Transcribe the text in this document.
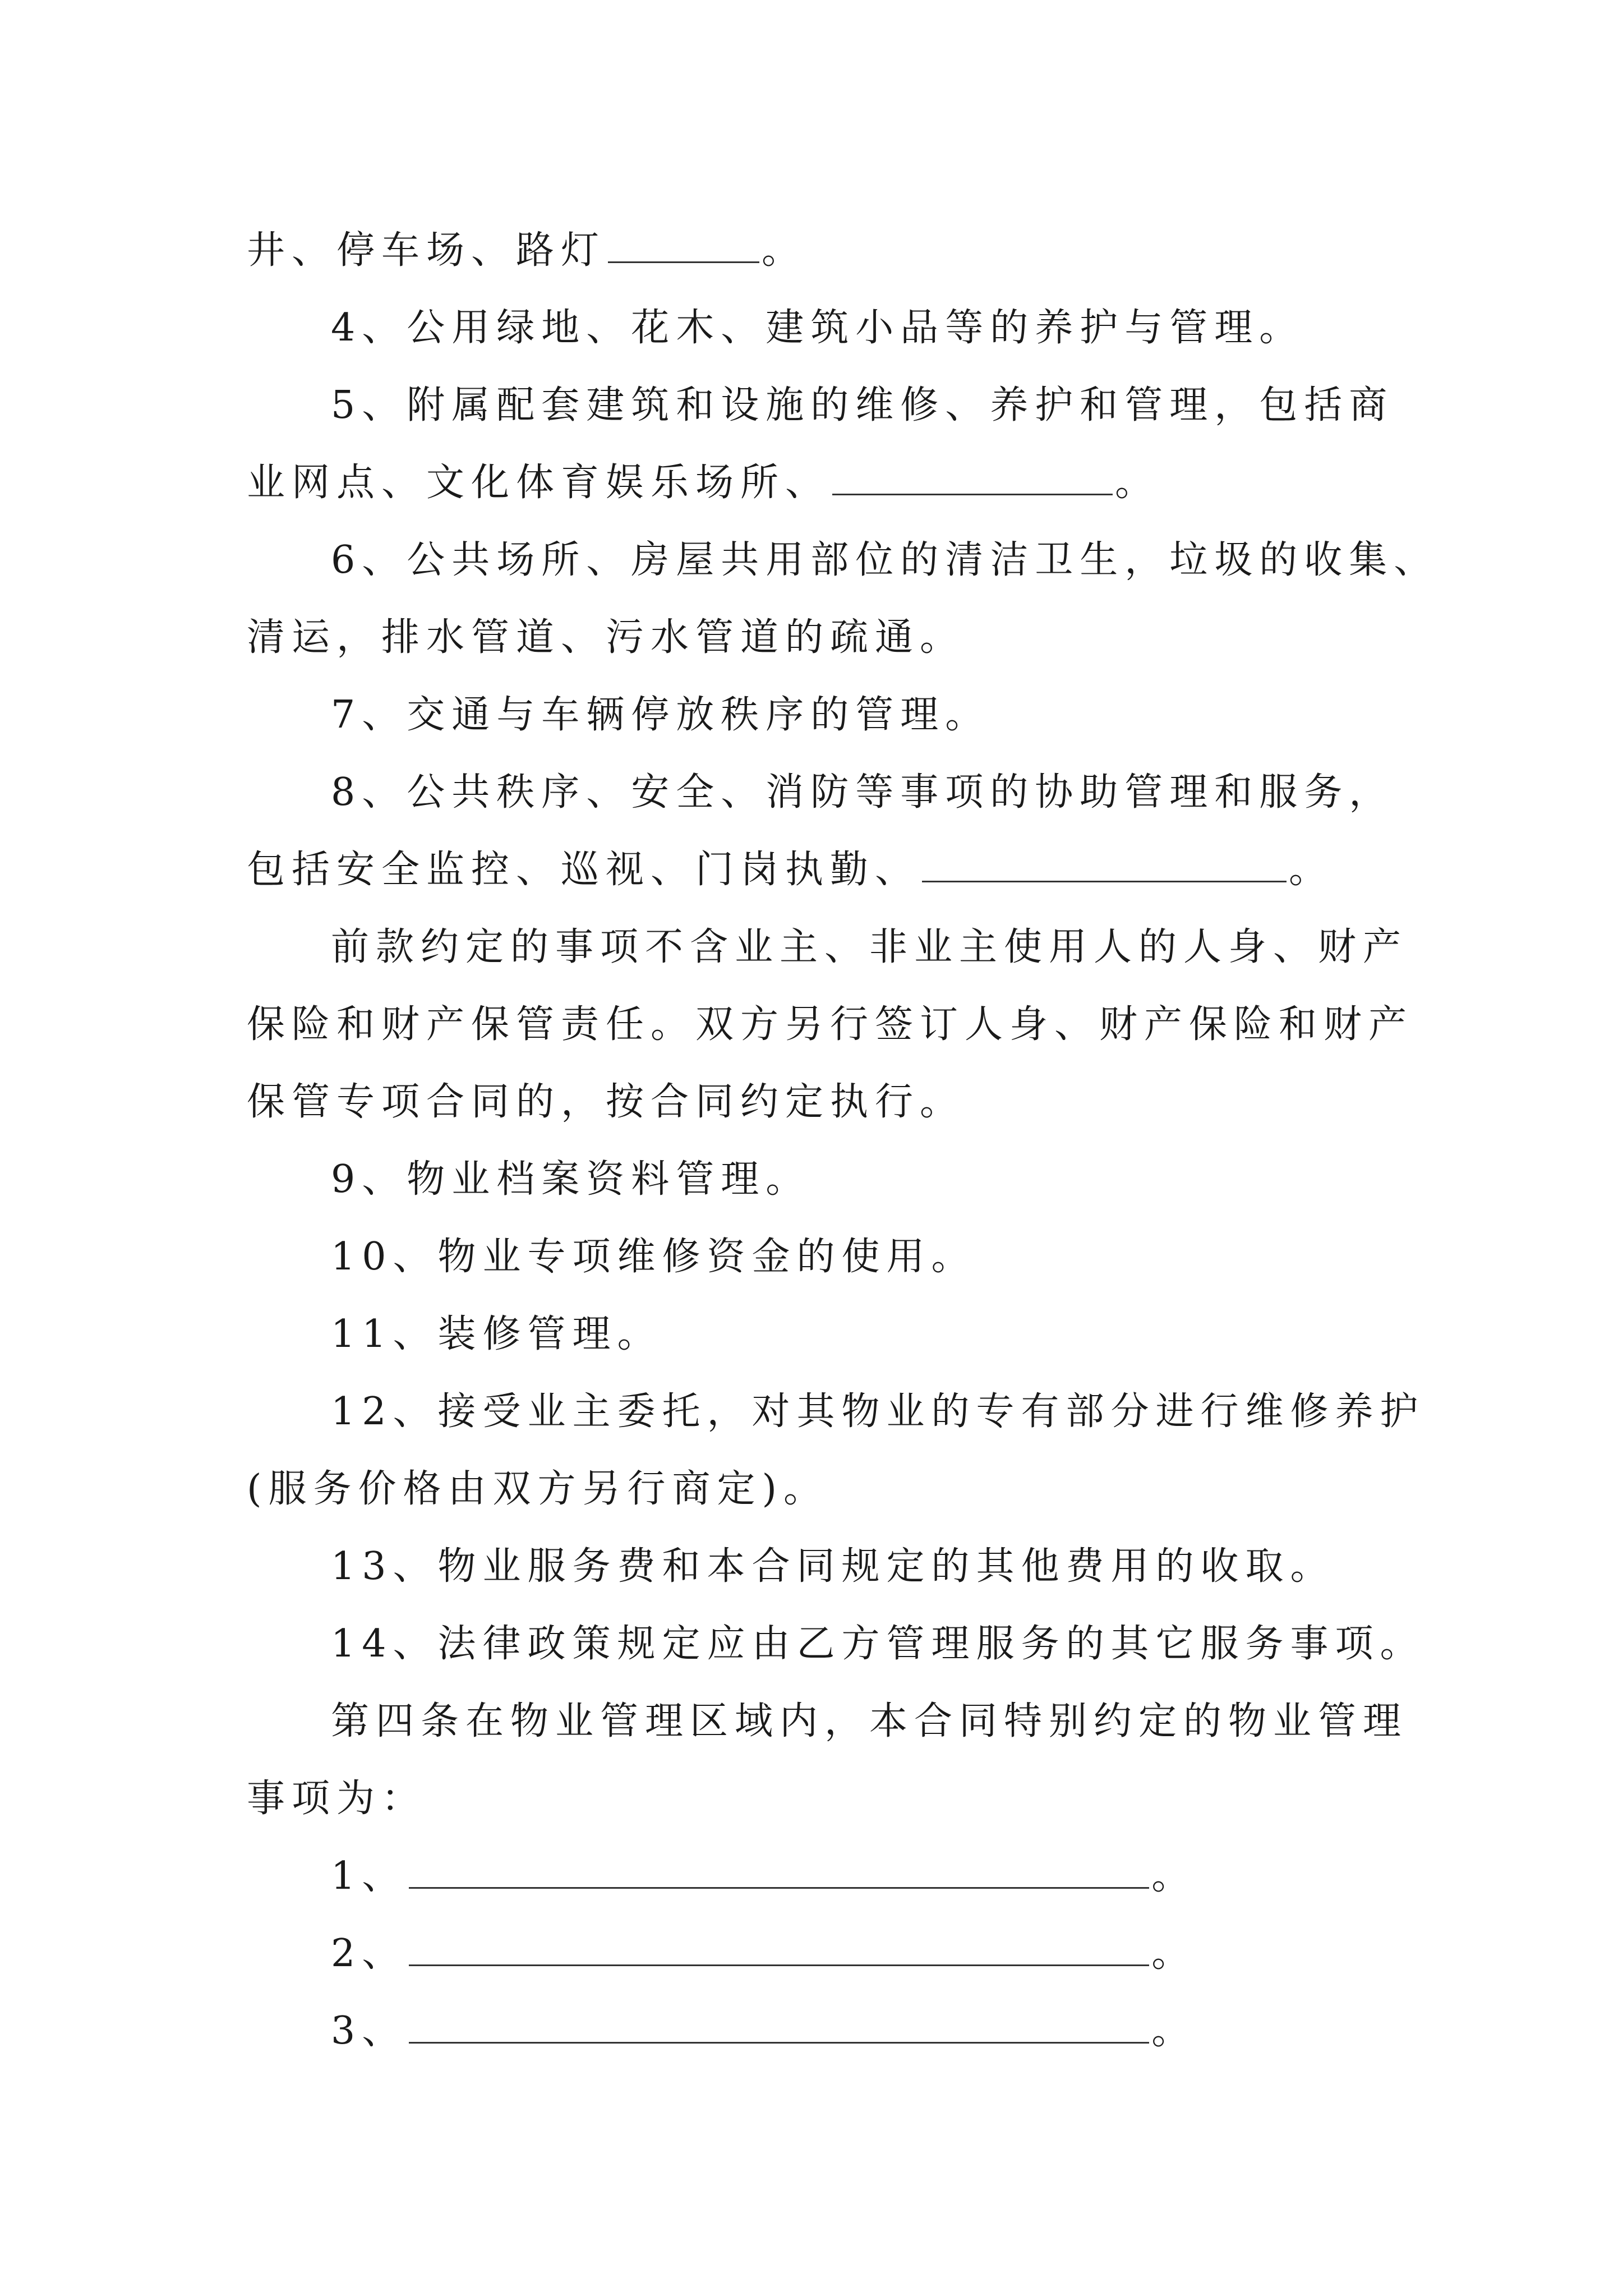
井、停车场、路灯	。
4、公用绿地、花木、建筑小品等的养护与管理。
5、附属配套建筑和设施的维修、养护和管理，包括商
业网点、文化体育娱乐场所、	。
6、公共场所、房屋共用部位的清洁卫生，垃圾的收集、
清运，排水管道、污水管道的疏通。
7、交通与车辆停放秩序的管理。
8、公共秩序、安全、消防等事项的协助管理和服务，
包括安全监控、巡视、门岗执勤、	。
前款约定的事项不含业主、非业主使用人的人身、财产
保险和财产保管责任。双方另行签订人身、财产保险和财产
保管专项合同的，按合同约定执行。
9、物业档案资料管理。
10、物业专项维修资金的使用。
11、装修管理。
12、接受业主委托，对其物业的专有部分进行维修养护
(服务价格由双方另行商定)。
13、物业服务费和本合同规定的其他费用的收取。
14、法律政策规定应由乙方管理服务的其它服务事项。
第四条在物业管理区域内，本合同特别约定的物业管理
事项为：
1、	。
2、	。
3、	。
